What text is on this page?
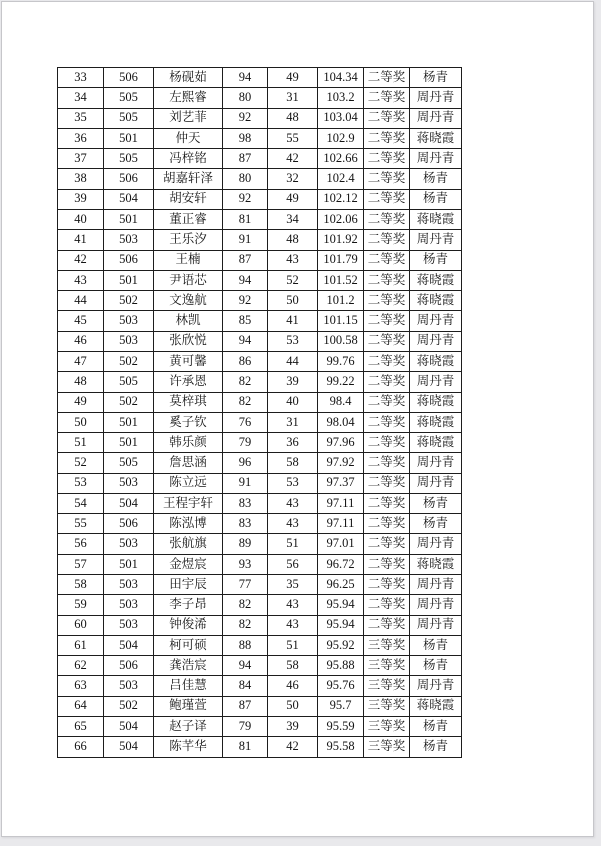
33	506	杨砚茹	94	49	104.34	二等奖	杨青
34	505	左熙睿	80	31	103.2	二等奖	周丹青
35	505	刘艺菲	92	48	103.04	二等奖	周丹青
36	501	仲天	98	55	102.9	二等奖	蒋晓霞
37	505	冯梓铭	87	42	102.66	二等奖	周丹青
38	506	胡嘉轩泽	80	32	102.4	二等奖	杨青
39	504	胡安轩	92	49	102.12	二等奖	杨青
40	501	董正睿	81	34	102.06	二等奖	蒋晓霞
41	503	王乐汐	91	48	101.92	二等奖	周丹青
42	506	王楠	87	43	101.79	二等奖	杨青
43	501	尹语芯	94	52	101.52	二等奖	蒋晓霞
44	502	文逸航	92	50	101.2	二等奖	蒋晓霞
45	503	林凯	85	41	101.15	二等奖	周丹青
46	503	张欣悦	94	53	100.58	二等奖	周丹青
47	502	黄可馨	86	44	99.76	二等奖	蒋晓霞
48	505	许承恩	82	39	99.22	二等奖	周丹青
49	502	莫梓琪	82	40	98.4	二等奖	蒋晓霞
50	501	奚子钦	76	31	98.04	二等奖	蒋晓霞
51	501	韩乐颜	79	36	97.96	二等奖	蒋晓霞
52	505	詹思涵	96	58	97.92	二等奖	周丹青
53	503	陈立远	91	53	97.37	二等奖	周丹青
54	504	王程宇轩	83	43	97.11	二等奖	杨青
55	506	陈泓博	83	43	97.11	二等奖	杨青
56	503	张航旗	89	51	97.01	二等奖	周丹青
57	501	金煜宸	93	56	96.72	二等奖	蒋晓霞
58	503	田宇辰	77	35	96.25	二等奖	周丹青
59	503	李子昂	82	43	95.94	二等奖	周丹青
60	503	钟俊浠	82	43	95.94	二等奖	周丹青
61	504	柯可硕	88	51	95.92	三等奖	杨青
62	506	龚浩宸	94	58	95.88	三等奖	杨青
63	503	吕佳慧	84	46	95.76	三等奖	周丹青
64	502	鲍瑾萱	87	50	95.7	三等奖	蒋晓霞
65	504	赵子译	79	39	95.59	三等奖	杨青
66	504	陈芊华	81	42	95.58	三等奖	杨青
